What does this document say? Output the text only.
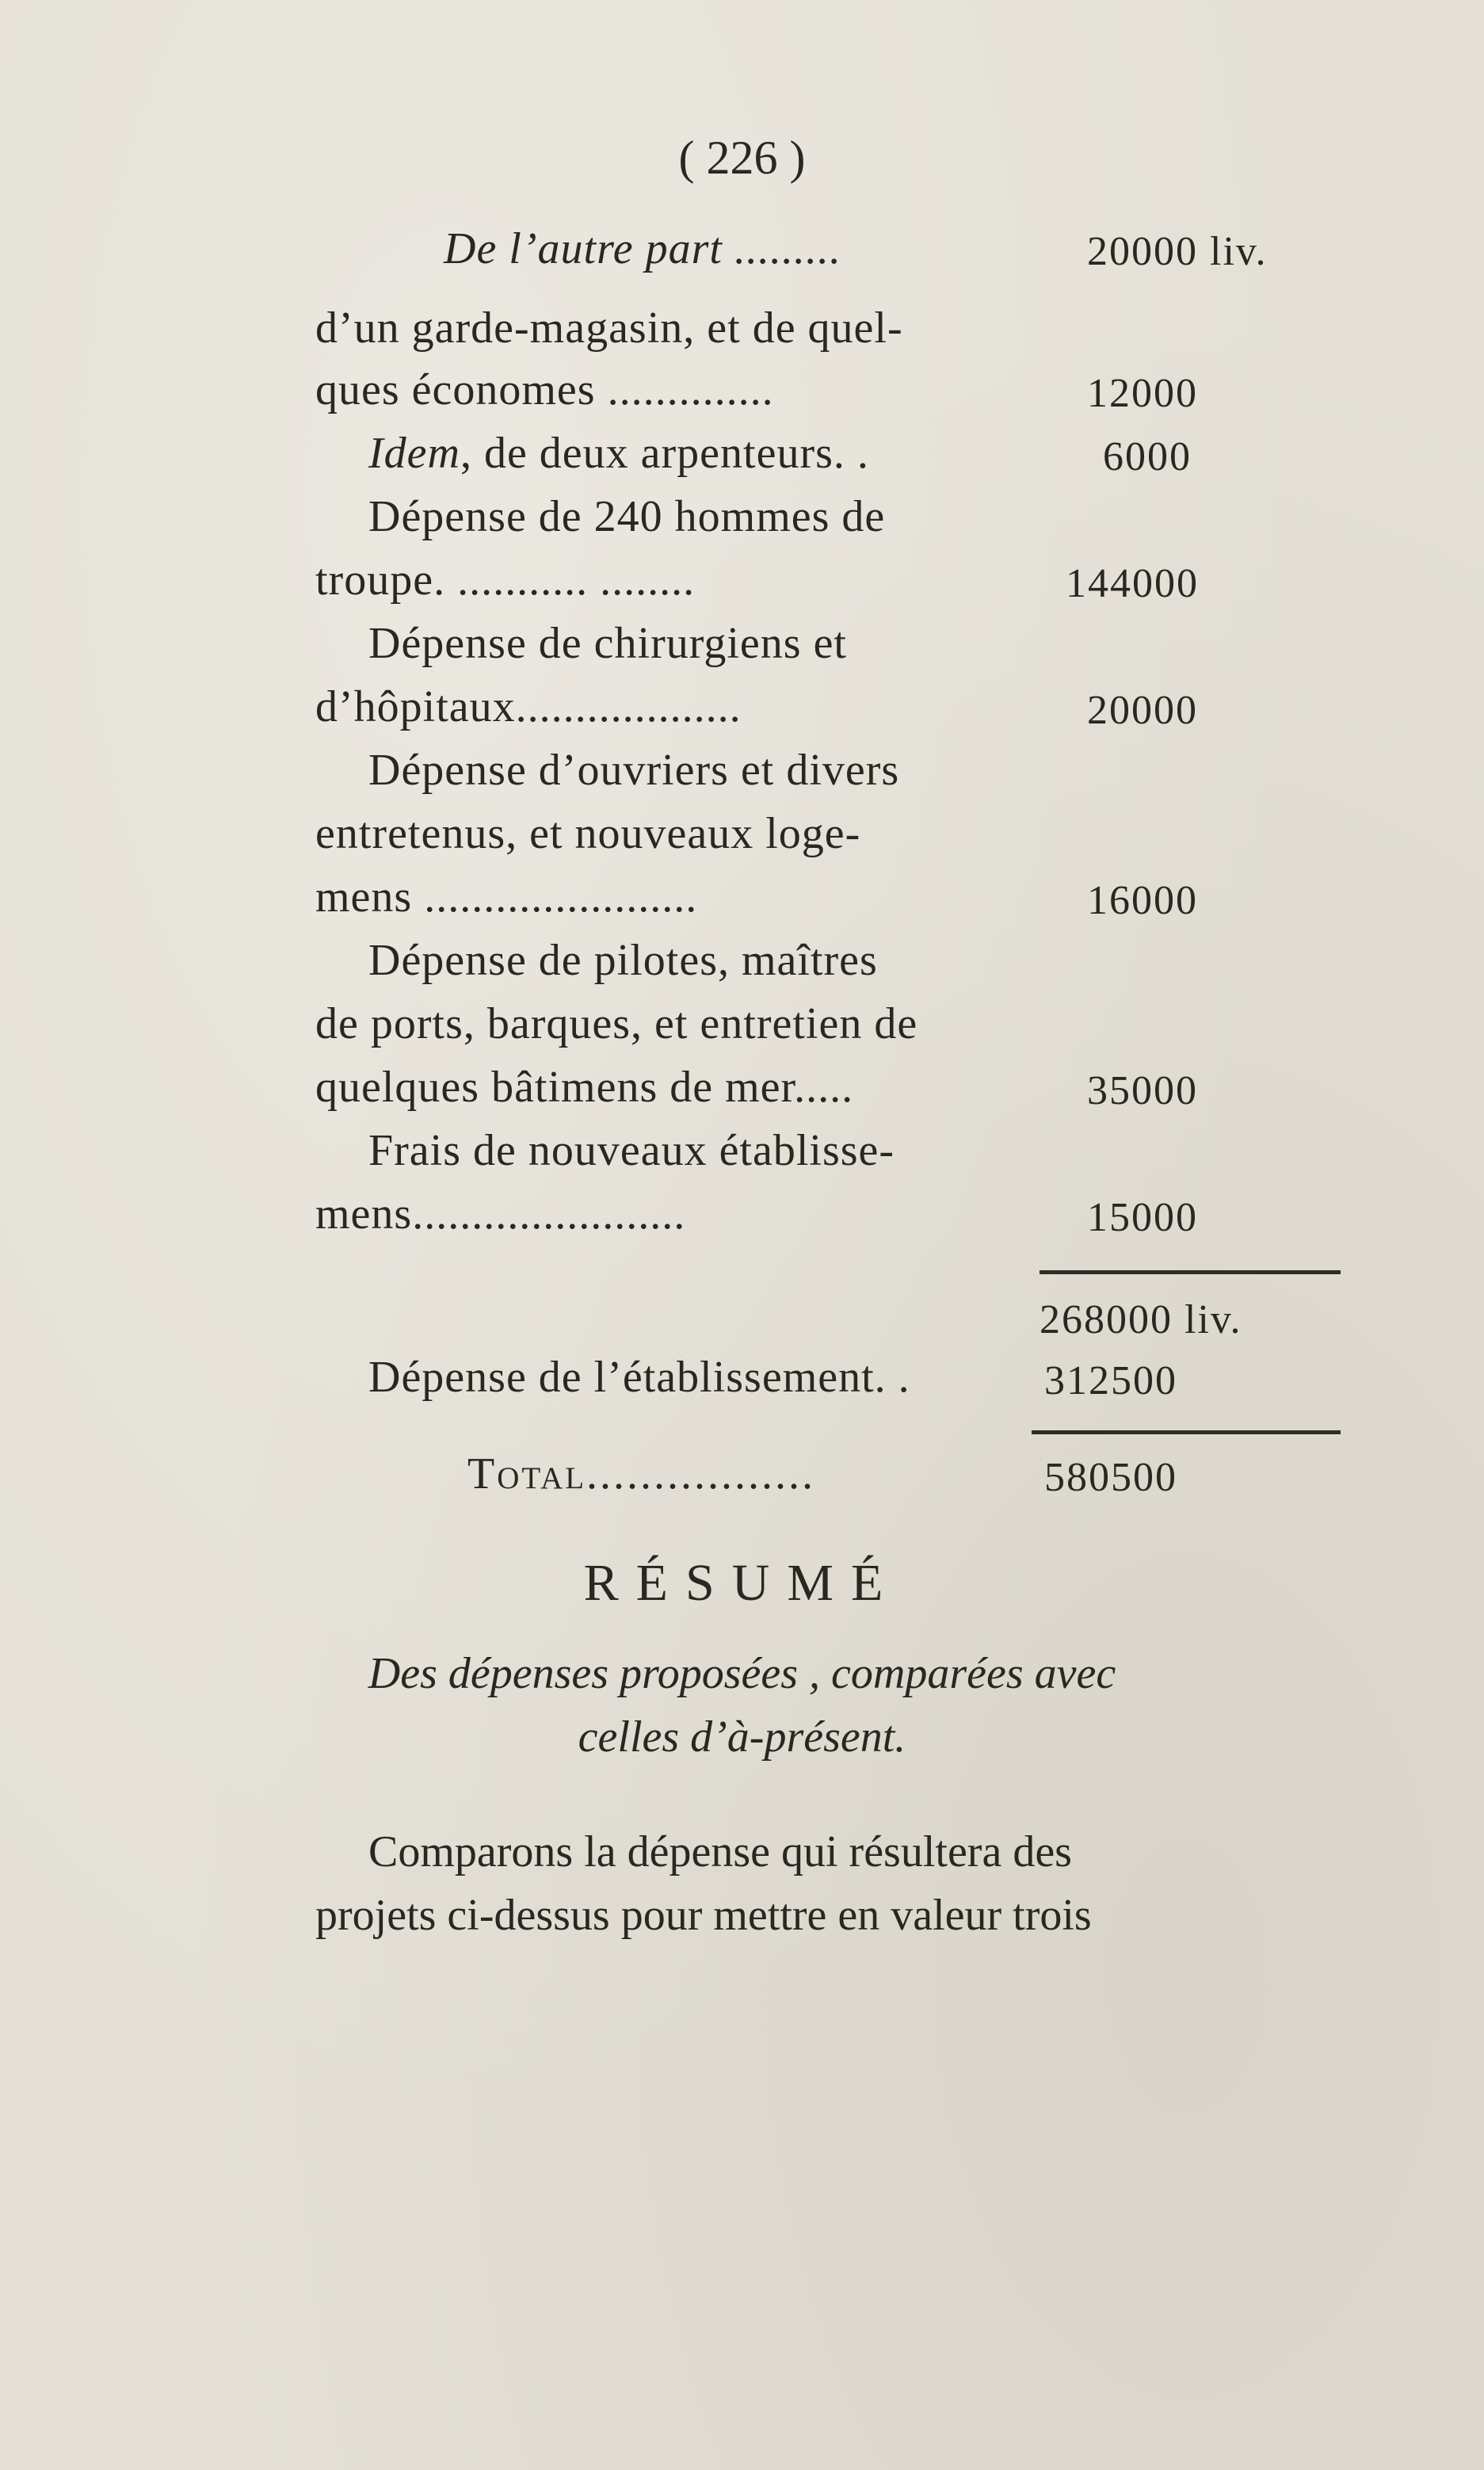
( 226 )
De l’autre part .........	20000 liv.
d’un garde-magasin, et de quel-
ques économes ..............	12000
Idem, de deux arpenteurs. .	6000
Dépense de 240 hommes de
troupe. ........... ........	144000
Dépense de chirurgiens et
d’hôpitaux...................	20000
Dépense d’ouvriers et divers
entretenus, et nouveaux loge-
mens .......................	16000
Dépense de pilotes, maîtres
de ports, barques, et entretien de
quelques bâtimens de mer.....	35000
Frais de nouveaux établisse-
mens.......................	15000
268000 liv.
Dépense de l’établissement. .	312500
Total.................	580500
RÉSUMÉ
Des dépenses proposées , comparées avec
celles d’à-présent.
Comparons la dépense qui résultera des
projets ci-dessus pour mettre en valeur trois
